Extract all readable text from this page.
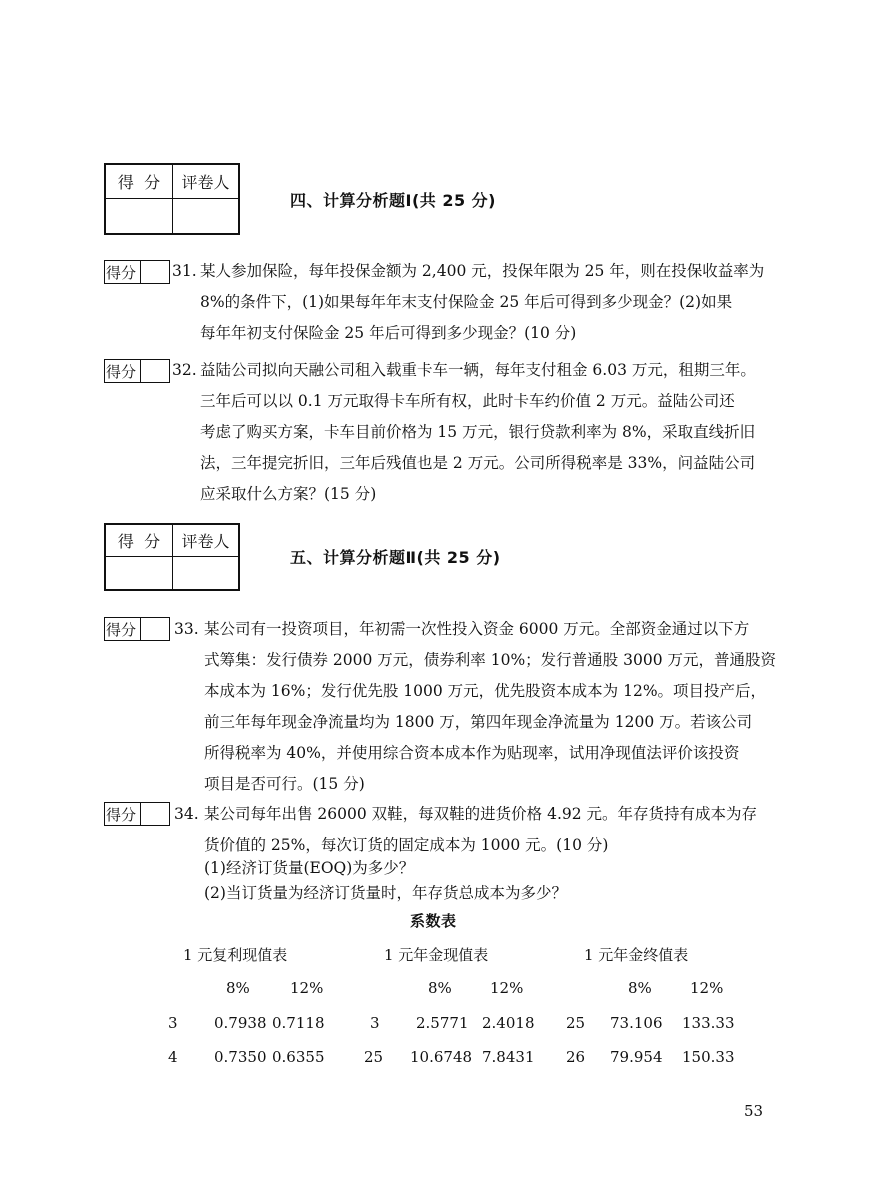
得  分	评卷人

四、计算分析题Ⅰ(共 25 分)
得分 31. 某人参加保险，每年投保金额为 2,400 元，投保年限为 25 年，则在投保收益率为
8%的条件下，(1)如果每年年末支付保险金 25 年后可得到多少现金？(2)如果
每年年初支付保险金 25 年后可得到多少现金？(10 分)
得分 32. 益陆公司拟向天融公司租入载重卡车一辆，每年支付租金 6.03 万元，租期三年。
三年后可以以 0.1 万元取得卡车所有权，此时卡车约价值 2 万元。益陆公司还
考虑了购买方案，卡车目前价格为 15 万元，银行贷款利率为 8%，采取直线折旧
法，三年提完折旧，三年后残值也是 2 万元。公司所得税率是 33%，问益陆公司
应采取什么方案？(15 分)
得  分	评卷人

五、计算分析题Ⅱ(共 25 分)
得分 33. 某公司有一投资项目，年初需一次性投入资金 6000 万元。全部资金通过以下方
式筹集：发行债券 2000 万元，债券利率 10%；发行普通股 3000 万元，普通股资
本成本为 16%；发行优先股 1000 万元，优先股资本成本为 12%。项目投产后，
前三年每年现金净流量均为 1800 万，第四年现金净流量为 1200 万。若该公司
所得税率为 40%，并使用综合资本成本作为贴现率，试用净现值法评价该投资
项目是否可行。(15 分)
得分 34. 某公司每年出售 26000 双鞋，每双鞋的进货价格 4.92 元。年存货持有成本为存
货价值的 25%，每次订货的固定成本为 1000 元。(10 分)
(1)经济订货量(EOQ)为多少？
(2)当订货量为经济订货量时，年存货总成本为多少？
系数表
1 元复利现值表
8%	12%
3 0.7938 0.7118
4 0.7350 0.6355
1 元年金现值表
8%	12%
3 2.5771 2.4018
25 10.6748 7.8431
1 元年金终值表
8%	12%
25 73.106 133.33
26 79.954 150.33
53
